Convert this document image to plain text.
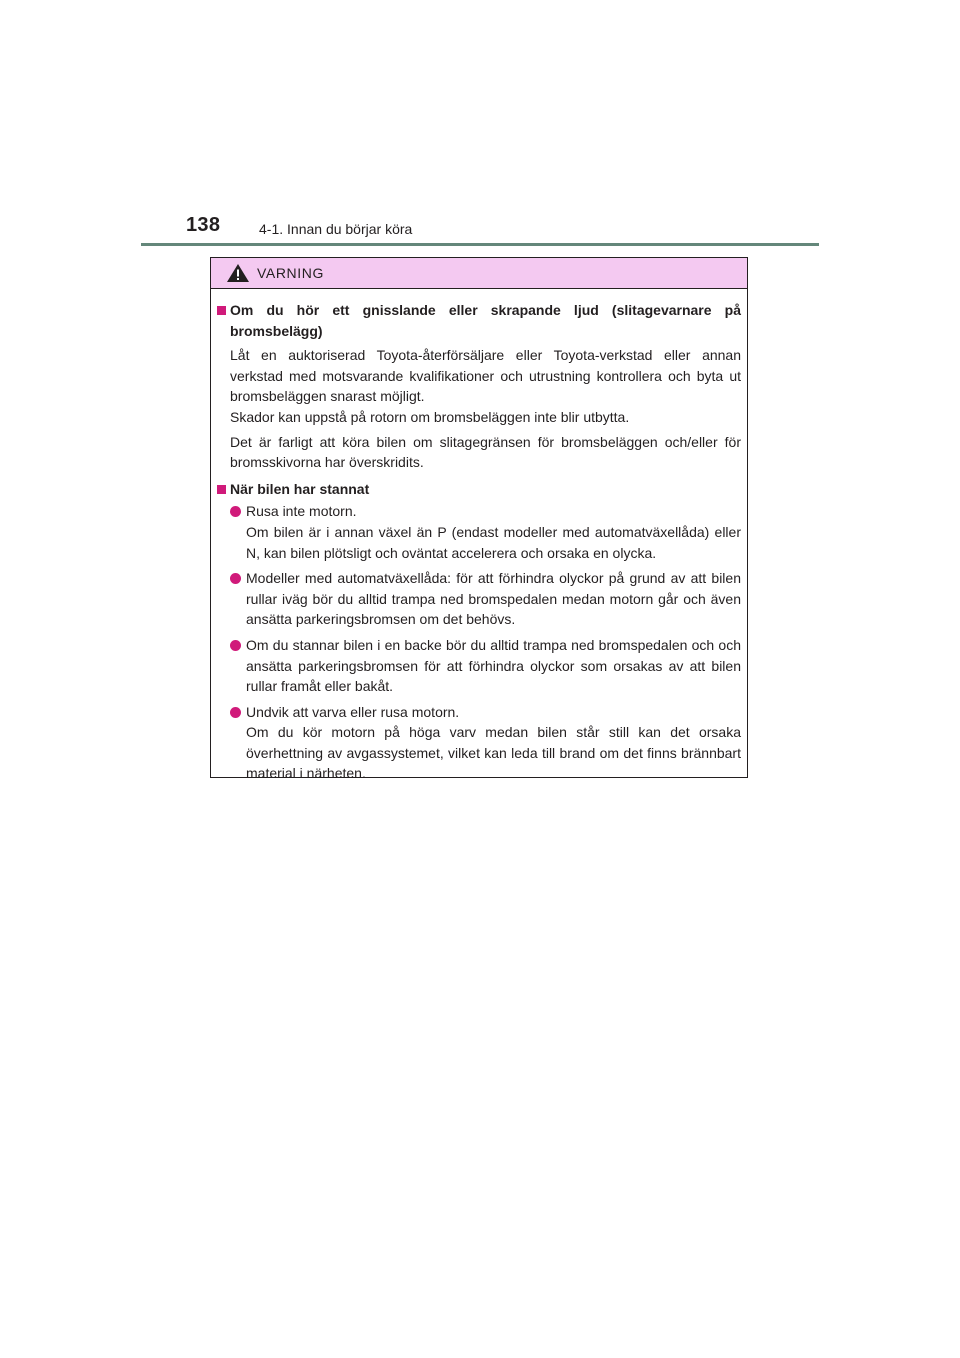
138	4-1. Innan du börjar köra
VARNING
Om du hör ett gnisslande eller skrapande ljud (slitagevarnare på bromsbelägg)
Låt en auktoriserad Toyota-återförsäljare eller Toyota-verkstad eller annan verkstad med motsvarande kvalifikationer och utrustning kontrollera och byta ut bromsbeläggen snarast möjligt.
Skador kan uppstå på rotorn om bromsbeläggen inte blir utbytta.
Det är farligt att köra bilen om slitagegränsen för bromsbeläggen och/eller för bromsskivorna har överskridits.
När bilen har stannat
Rusa inte motorn.
Om bilen är i annan växel än P (endast modeller med automatväxellåda) eller N, kan bilen plötsligt och oväntat accelerera och orsaka en olycka.
Modeller med automatväxellåda: för att förhindra olyckor på grund av att bilen rullar iväg bör du alltid trampa ned bromspedalen medan motorn går och även ansätta parkeringsbromsen om det behövs.
Om du stannar bilen i en backe bör du alltid trampa ned bromspedalen och och ansätta parkeringsbromsen för att förhindra olyckor som orsakas av att bilen rullar framåt eller bakåt.
Undvik att varva eller rusa motorn.
Om du kör motorn på höga varv medan bilen står still kan det orsaka överhettning av avgassystemet, vilket kan leda till brand om det finns brännbart material i närheten.
